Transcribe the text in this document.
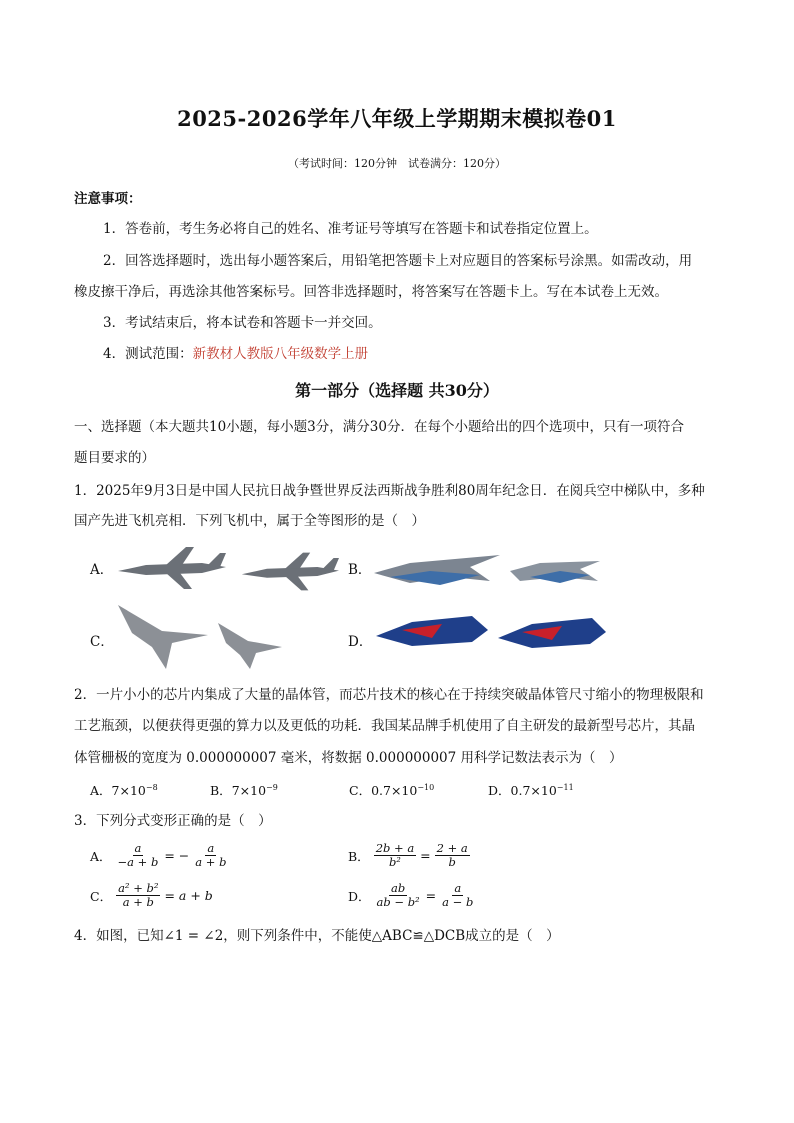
2025-2026学年八年级上学期期末模拟卷01
（考试时间：120分钟　试卷满分：120分）
注意事项：
1．答卷前，考生务必将自己的姓名、准考证号等填写在答题卡和试卷指定位置上。
2．回答选择题时，选出每小题答案后，用铅笔把答题卡上对应题目的答案标号涂黑。如需改动，用
橡皮擦干净后，再选涂其他答案标号。回答非选择题时，将答案写在答题卡上。写在本试卷上无效。
3．考试结束后，将本试卷和答题卡一并交回。
4．测试范围：新教材人教版八年级数学上册
第一部分（选择题 共30分）
一、选择题（本大题共10小题，每小题3分，满分30分．在每个小题给出的四个选项中，只有一项符合
题目要求的）
1．2025年9月3日是中国人民抗日战争暨世界反法西斯战争胜利80周年纪念日．在阅兵空中梯队中，多种
国产先进飞机亮相．下列飞机中，属于全等图形的是（　）
A．	B．
C．	D．
2．一片小小的芯片内集成了大量的晶体管，而芯片技术的核心在于持续突破晶体管尺寸缩小的物理极限和
工艺瓶颈，以便获得更强的算力以及更低的功耗．我国某品牌手机使用了自主研发的最新型号芯片，其晶
体管栅极的宽度为 0.000000007 毫米，将数据 0.000000007 用科学记数法表示为（　）
A．$7\times 10^{-8}$	B．$7\times 10^{-9}$	C．$0.7\times 10^{-10}$	D．$0.7\times 10^{-11}$
3．下列分式变形正确的是（　）
A． $\frac{a}{-a + b}$ = − $\frac{a}{a + b}$	B． $\frac{2b + a}{\text{b²}} = \frac{2 + a}{b}$
C． $\frac{\text{a² + b²}}{a + b} = a + b$	D． $\frac{ab}{\text{ab − b²}} = \frac{a}{a - b}$
4．如图，已知∠1 = ∠2，则下列条件中，不能使△ABC≌△DCB成立的是（　）
